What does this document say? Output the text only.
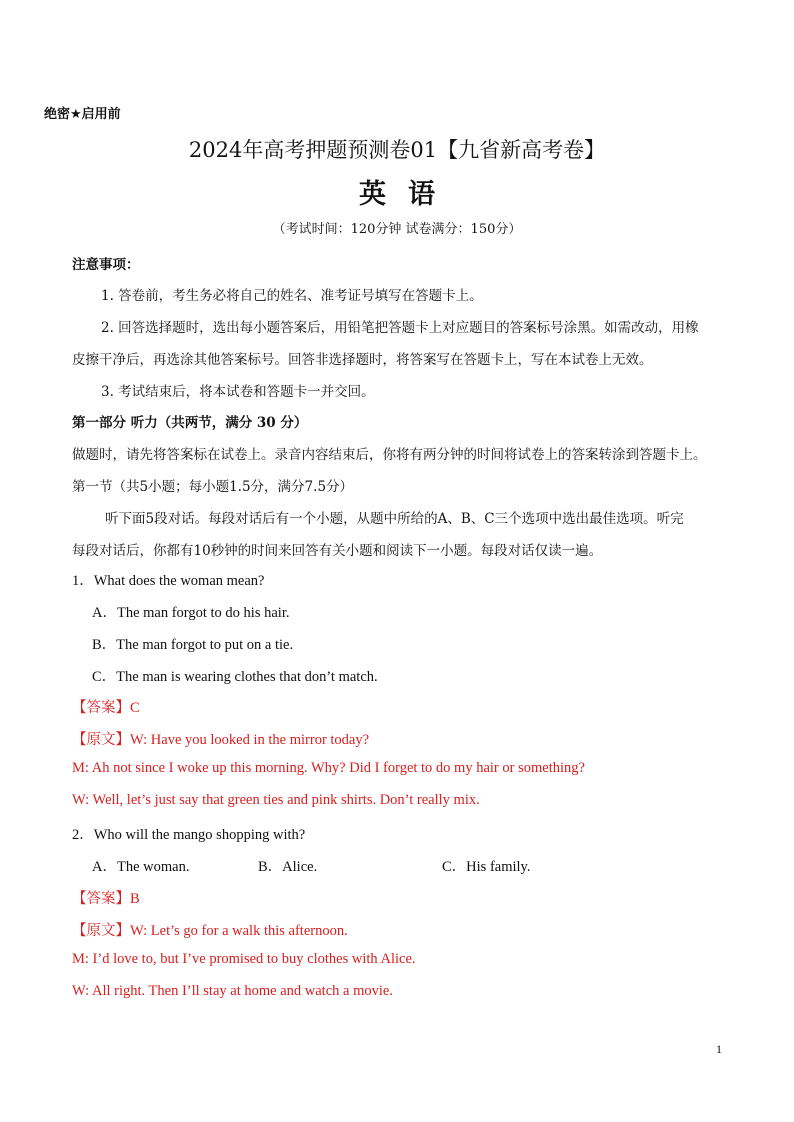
绝密★启用前
2024年高考押题预测卷01【九省新高考卷】
英语
（考试时间：120分钟 试卷满分：150分）
注意事项：
1. 答卷前，考生务必将自己的姓名、准考证号填写在答题卡上。
2. 回答选择题时，选出每小题答案后，用铅笔把答题卡上对应题目的答案标号涂黑。如需改动，用橡
皮擦干净后，再选涂其他答案标号。回答非选择题时，将答案写在答题卡上，写在本试卷上无效。
3. 考试结束后，将本试卷和答题卡一并交回。
第一部分 听力（共两节，满分 30 分）
做题时，请先将答案标在试卷上。录音内容结束后，你将有两分钟的时间将试卷上的答案转涂到答题卡上。
第一节（共5小题；每小题1.5分，满分7.5分）
听下面5段对话。每段对话后有一个小题，从题中所给的A、B、C三个选项中选出最佳选项。听完
每段对话后，你都有10秒钟的时间来回答有关小题和阅读下一小题。每段对话仅读一遍。
1．What does the woman mean?
A．The man forgot to do his hair.
B．The man forgot to put on a tie.
C．The man is wearing clothes that don’t match.
【答案】C
【原文】W: Have you looked in the mirror today?
M: Ah not since I woke up this morning. Why? Did I forget to do my hair or something?
W: Well, let’s just say that green ties and pink shirts. Don’t really mix.
2．Who will the mango shopping with?
A．The woman.	B．Alice.	C．His family.
【答案】B
【原文】W: Let’s go for a walk this afternoon.
M: I’d love to, but I’ve promised to buy clothes with Alice.
W: All right. Then I’ll stay at home and watch a movie.
1
